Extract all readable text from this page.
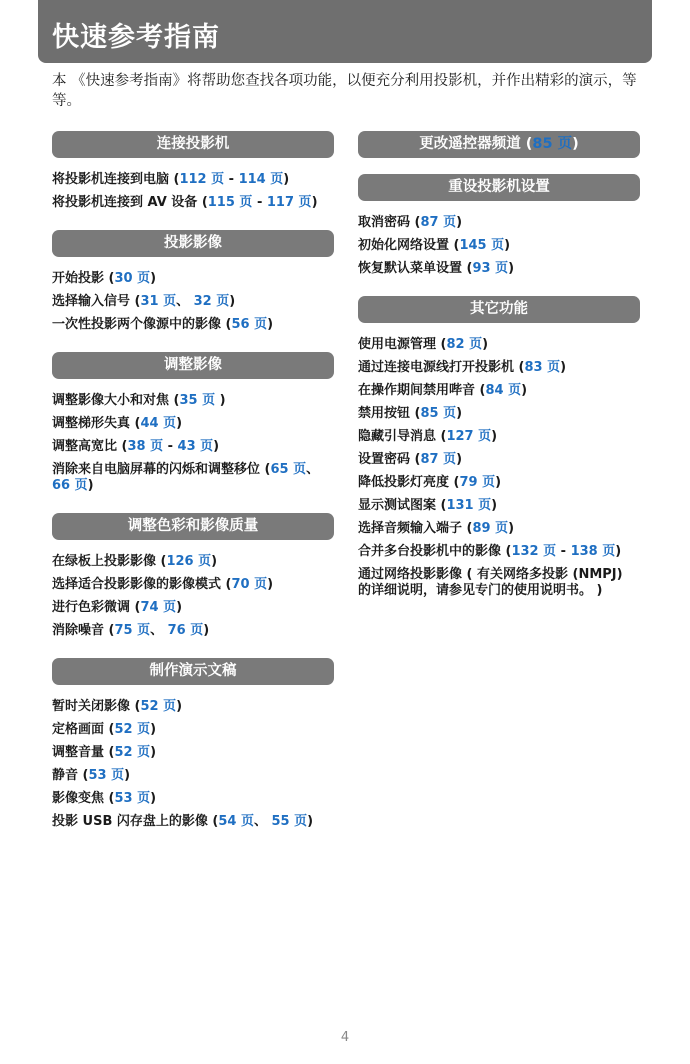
快速参考指南

本 《快速参考指南》将帮助您查找各项功能，以便充分利用投影机，并作出精彩的演示，等等。

连接投影机
将投影机连接到电脑 (112 页 - 114 页)
将投影机连接到 AV 设备 (115 页 - 117 页)
投影影像
开始投影 (30 页)
选择输入信号 (31 页、 32 页)
一次性投影两个像源中的影像 (56 页)
调整影像
调整影像大小和对焦 (35 页 )
调整梯形失真 (44 页)
调整高宽比 (38 页 - 43 页)
消除来自电脑屏幕的闪烁和调整移位 (65 页、 66 页)
调整色彩和影像质量
在绿板上投影影像 (126 页)
选择适合投影影像的影像模式 (70 页)
进行色彩微调 (74 页)
消除噪音 (75 页、 76 页)
制作演示文稿
暂时关闭影像 (52 页)
定格画面 (52 页)
调整音量 (52 页)
静音 (53 页)
影像变焦 (53 页)
投影 USB 闪存盘上的影像 (54 页、 55 页)
更改遥控器频道 (85 页)
重设投影机设置
取消密码 (87 页)
初始化网络设置 (145 页)
恢复默认菜单设置 (93 页)
其它功能
使用电源管理 (82 页)
通过连接电源线打开投影机 (83 页)
在操作期间禁用哔音 (84 页)
禁用按钮 (85 页)
隐藏引导消息 (127 页)
设置密码 (87 页)
降低投影灯亮度 (79 页)
显示测试图案 (131 页)
选择音频输入端子 (89 页)
合并多台投影机中的影像 (132 页 - 138 页)
通过网络投影影像 ( 有关网络多投影 (NMPJ) 的详细说明，请参见专门的使用说明书。 )
4
